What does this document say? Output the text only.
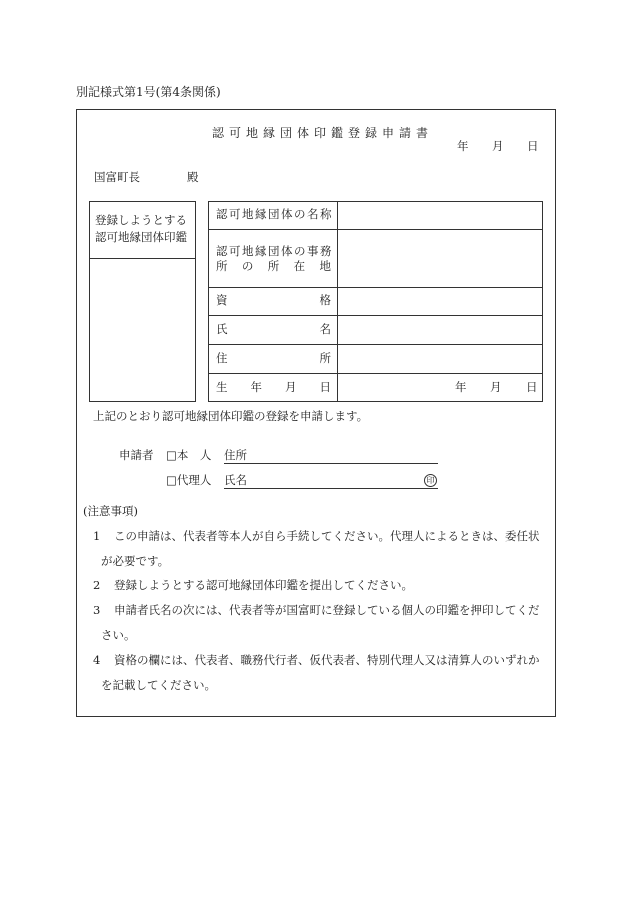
別記様式第1号(第4条関係)
認可地縁団体印鑑登録申請書
年 月 日
国富町長	殿
登録しようとする
認可地縁団体印鑑
認可地縁団体の名称
認可地縁団体の事務
所 の 所 在 地
資	格
氏	名
住	所
生 年 月 日	年 月 日
上記のとおり認可地縁団体印鑑の登録を申請します。
申請者 □本　人 住所
□代理人 氏名	印
(注意事項)
1 この申請は、代表者等本人が自ら手続してください。代理人によるときは、委任状
が必要です。
2 登録しようとする認可地縁団体印鑑を提出してください。
3 申請者氏名の次には、代表者等が国富町に登録している個人の印鑑を押印してくだ
さい。
4 資格の欄には、代表者、職務代行者、仮代表者、特別代理人又は清算人のいずれか
を記載してください。
